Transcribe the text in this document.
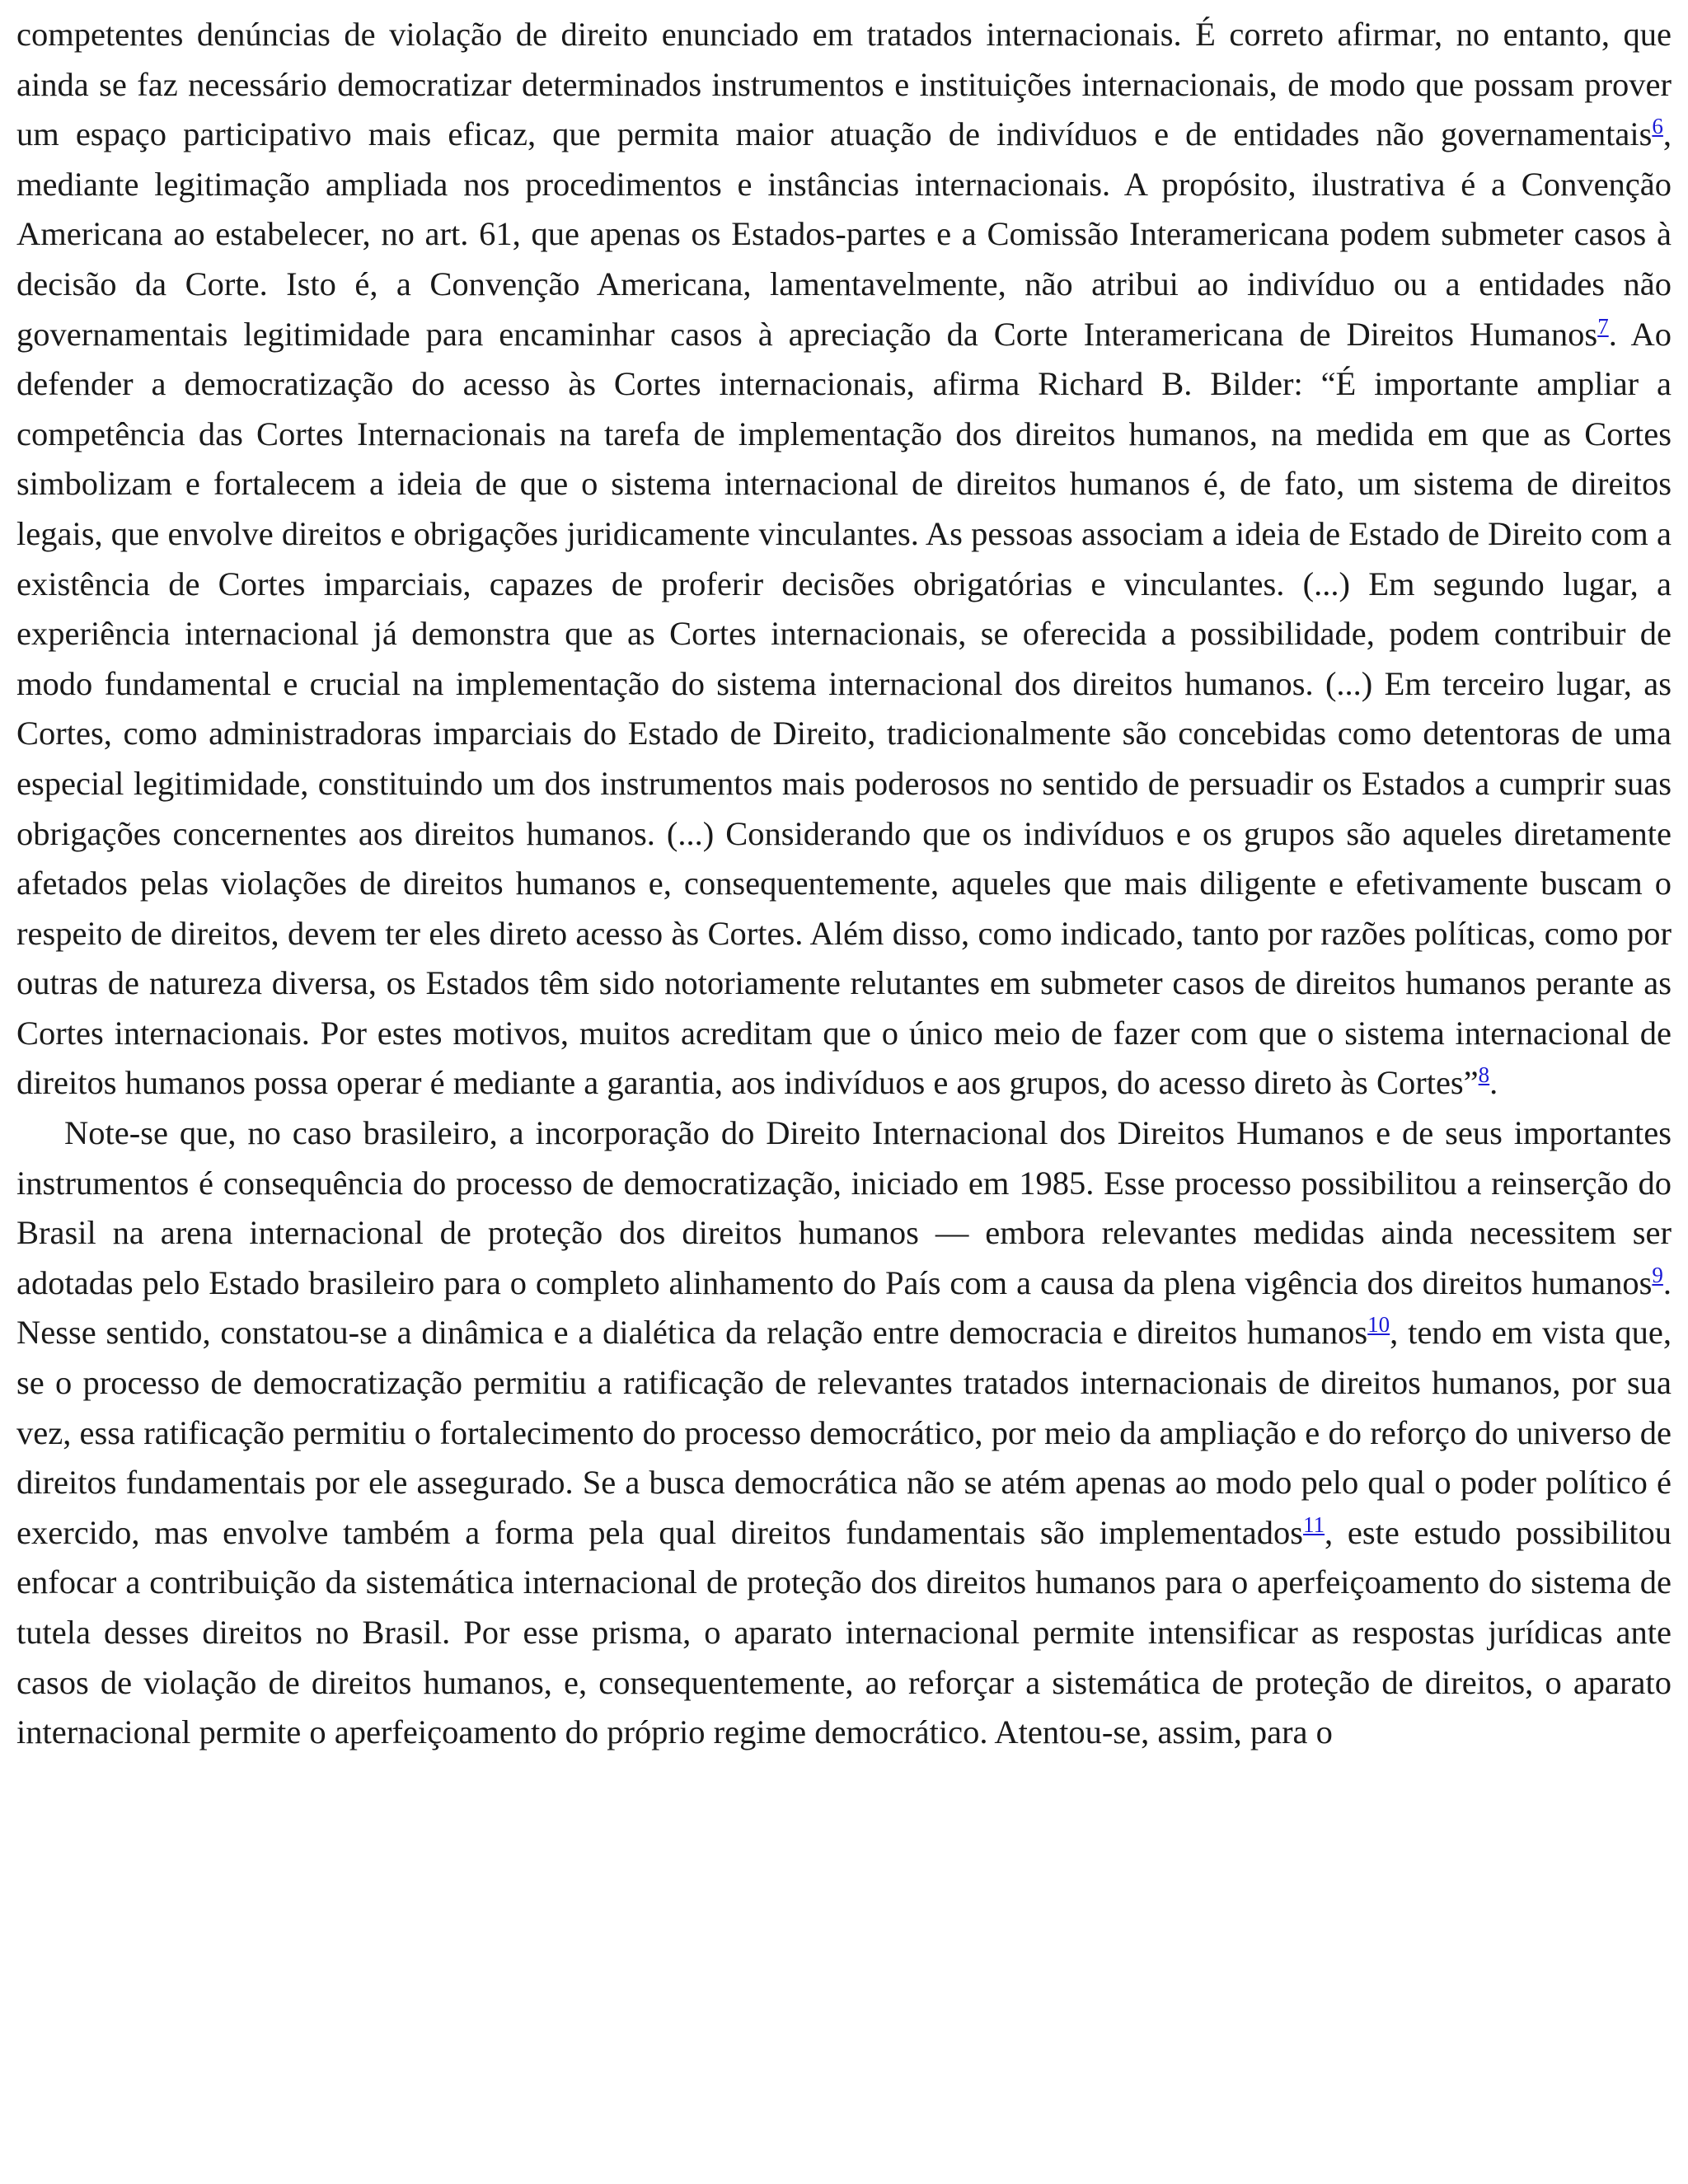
competentes denúncias de violação de direito enunciado em tratados internacionais. É correto afirmar, no entanto, que ainda se faz necessário democratizar determinados instrumentos e instituições internacionais, de modo que possam prover um espaço participativo mais eficaz, que permita maior atuação de indivíduos e de entidades não governamentais$^6$, mediante legitimação ampliada nos procedimentos e instâncias internacionais. A propósito, ilustrativa é a Convenção Americana ao estabelecer, no art. 61, que apenas os Estados-partes e a Comissão Interamericana podem submeter casos à decisão da Corte. Isto é, a Convenção Americana, lamentavelmente, não atribui ao indivíduo ou a entidades não governamentais legitimidade para encaminhar casos à apreciação da Corte Interamericana de Direitos Humanos$^7$. Ao defender a democratização do acesso às Cortes internacionais, afirma Richard B. Bilder: “É importante ampliar a competência das Cortes Internacionais na tarefa de implementação dos direitos humanos, na medida em que as Cortes simbolizam e fortalecem a ideia de que o sistema internacional de direitos humanos é, de fato, um sistema de direitos legais, que envolve direitos e obrigações juridicamente vinculantes. As pessoas associam a ideia de Estado de Direito com a existência de Cortes imparciais, capazes de proferir decisões obrigatórias e vinculantes. (...) Em segundo lugar, a experiência internacional já demonstra que as Cortes internacionais, se oferecida a possibilidade, podem contribuir de modo fundamental e crucial na implementação do sistema internacional dos direitos humanos. (...) Em terceiro lugar, as Cortes, como administradoras imparciais do Estado de Direito, tradicionalmente são concebidas como detentoras de uma especial legitimidade, constituindo um dos instrumentos mais poderosos no sentido de persuadir os Estados a cumprir suas obrigações concernentes aos direitos humanos. (...) Considerando que os indivíduos e os grupos são aqueles diretamente afetados pelas violações de direitos humanos e, consequentemente, aqueles que mais diligente e efetivamente buscam o respeito de direitos, devem ter eles direto acesso às Cortes. Além disso, como indicado, tanto por razões políticas, como por outras de natureza diversa, os Estados têm sido notoriamente relutantes em submeter casos de direitos humanos perante as Cortes internacionais. Por estes motivos, muitos acreditam que o único meio de fazer com que o sistema internacional de direitos humanos possa operar é mediante a garantia, aos indivíduos e aos grupos, do acesso direto às Cortes”$^8$.

Note-se que, no caso brasileiro, a incorporação do Direito Internacional dos Direitos Humanos e de seus importantes instrumentos é consequência do processo de democratização, iniciado em 1985. Esse processo possibilitou a reinserção do Brasil na arena internacional de proteção dos direitos humanos — embora relevantes medidas ainda necessitem ser adotadas pelo Estado brasileiro para o completo alinhamento do País com a causa da plena vigência dos direitos humanos$^9$. Nesse sentido, constatou-se a dinâmica e a dialética da relação entre democracia e direitos humanos$^{10}$, tendo em vista que, se o processo de democratização permitiu a ratificação de relevantes tratados internacionais de direitos humanos, por sua vez, essa ratificação permitiu o fortalecimento do processo democrático, por meio da ampliação e do reforço do universo de direitos fundamentais por ele assegurado. Se a busca democrática não se atém apenas ao modo pelo qual o poder político é exercido, mas envolve também a forma pela qual direitos fundamentais são implementados$^{11}$, este estudo possibilitou enfocar a contribuição da sistemática internacional de proteção dos direitos humanos para o aperfeiçoamento do sistema de tutela desses direitos no Brasil. Por esse prisma, o aparato internacional permite intensificar as respostas jurídicas ante casos de violação de direitos humanos, e, consequentemente, ao reforçar a sistemática de proteção de direitos, o aparato internacional permite o aperfeiçoamento do próprio regime democrático. Atentou-se, assim, para o
